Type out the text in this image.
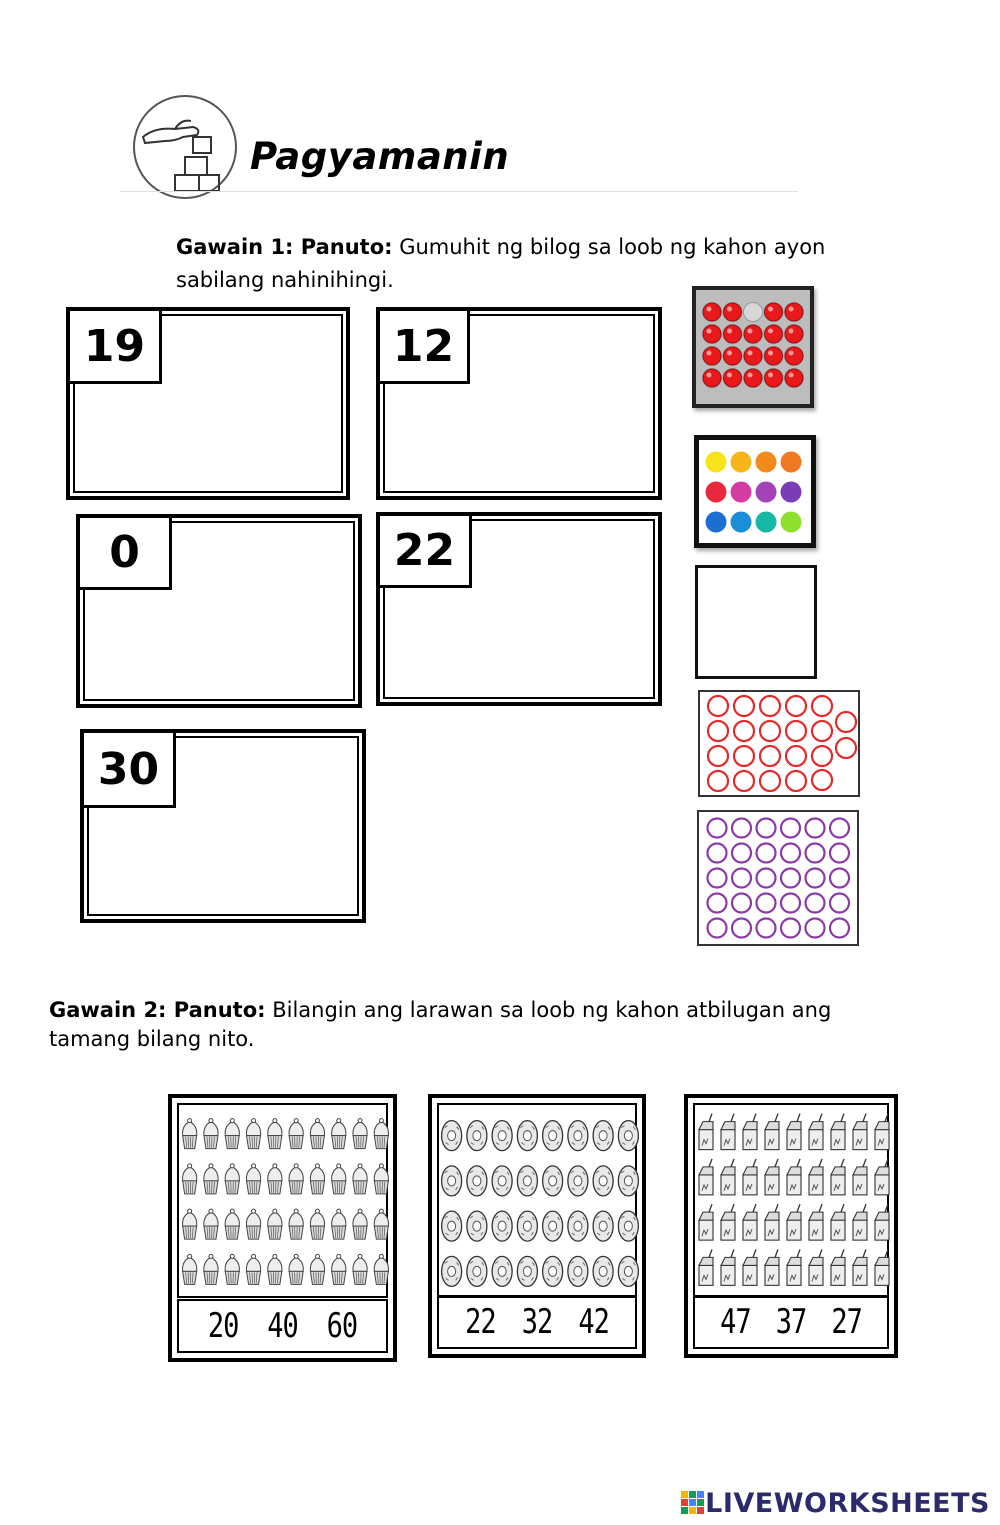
Pagyamanin
Gawain 1: Panuto: Gumuhit ng bilog sa loob ng kahon ayon
sabilang nahinihingi.
19	12
0	22
30
Gawain 2: Panuto: Bilangin ang larawan sa loob ng kahon atbilugan ang
tamang bilang nito.
20 40 60	22 32 42	47 37 27
LIVEWORKSHEETS
